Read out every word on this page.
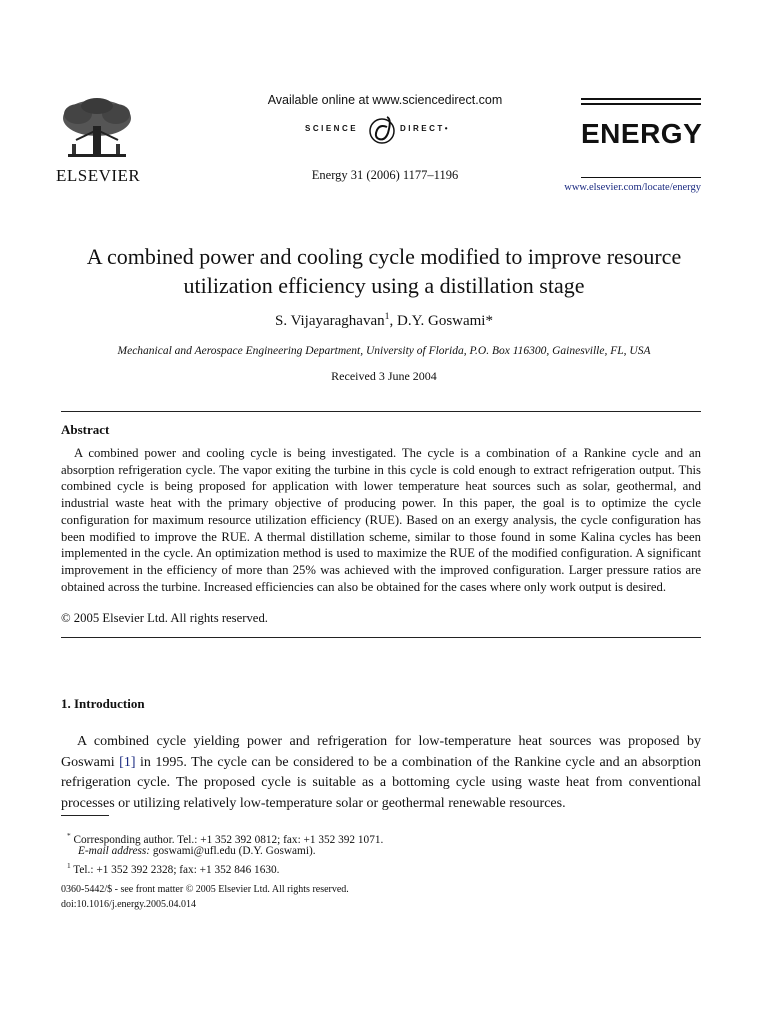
ELSEVIER
Available online at www.sciencedirect.com
SCIENCE	DIRECT•
Energy 31 (2006) 1177–1196
ENERGY
www.elsevier.com/locate/energy
A combined power and cooling cycle modified to improve resource
utilization efficiency using a distillation stage
S. Vijayaraghavan$^1$, D.Y. Goswami*
Mechanical and Aerospace Engineering Department, University of Florida, P.O. Box 116300, Gainesville, FL, USA
Received 3 June 2004
Abstract
A combined power and cooling cycle is being investigated. The cycle is a combination of a Rankine cycle and an absorption refrigeration cycle. The vapor exiting the turbine in this cycle is cold enough to extract refrigeration output. This combined cycle is being proposed for application with lower temperature heat sources such as solar, geothermal, and industrial waste heat with the primary objective of producing power. In this paper, the goal is to optimize the cycle configuration for maximum resource utilization efficiency (RUE). Based on an exergy analysis, the cycle configuration has been modified to improve the RUE. A thermal distillation scheme, similar to those found in some Kalina cycles has been implemented in the cycle. An optimization method is used to maximize the RUE of the modified configuration. A significant improvement in the efficiency of more than 25% was achieved with the improved configuration. Larger pressure ratios are obtained across the turbine. Increased efficiencies can also be obtained for the cases where only work output is desired.
© 2005 Elsevier Ltd. All rights reserved.
1. Introduction
A combined cycle yielding power and refrigeration for low-temperature heat sources was proposed by Goswami [1] in 1995. The cycle can be considered to be a combination of the Rankine cycle and an absorption refrigeration cycle. The proposed cycle is suitable as a bottoming cycle using waste heat from conventional processes or utilizing relatively low-temperature solar or geothermal renewable resources.
* Corresponding author. Tel.: +1 352 392 0812; fax: +1 352 392 1071.
E-mail address: goswami@ufl.edu (D.Y. Goswami).
$^1$ Tel.: +1 352 392 2328; fax: +1 352 846 1630.
0360-5442/$ - see front matter © 2005 Elsevier Ltd. All rights reserved.
doi:10.1016/j.energy.2005.04.014
